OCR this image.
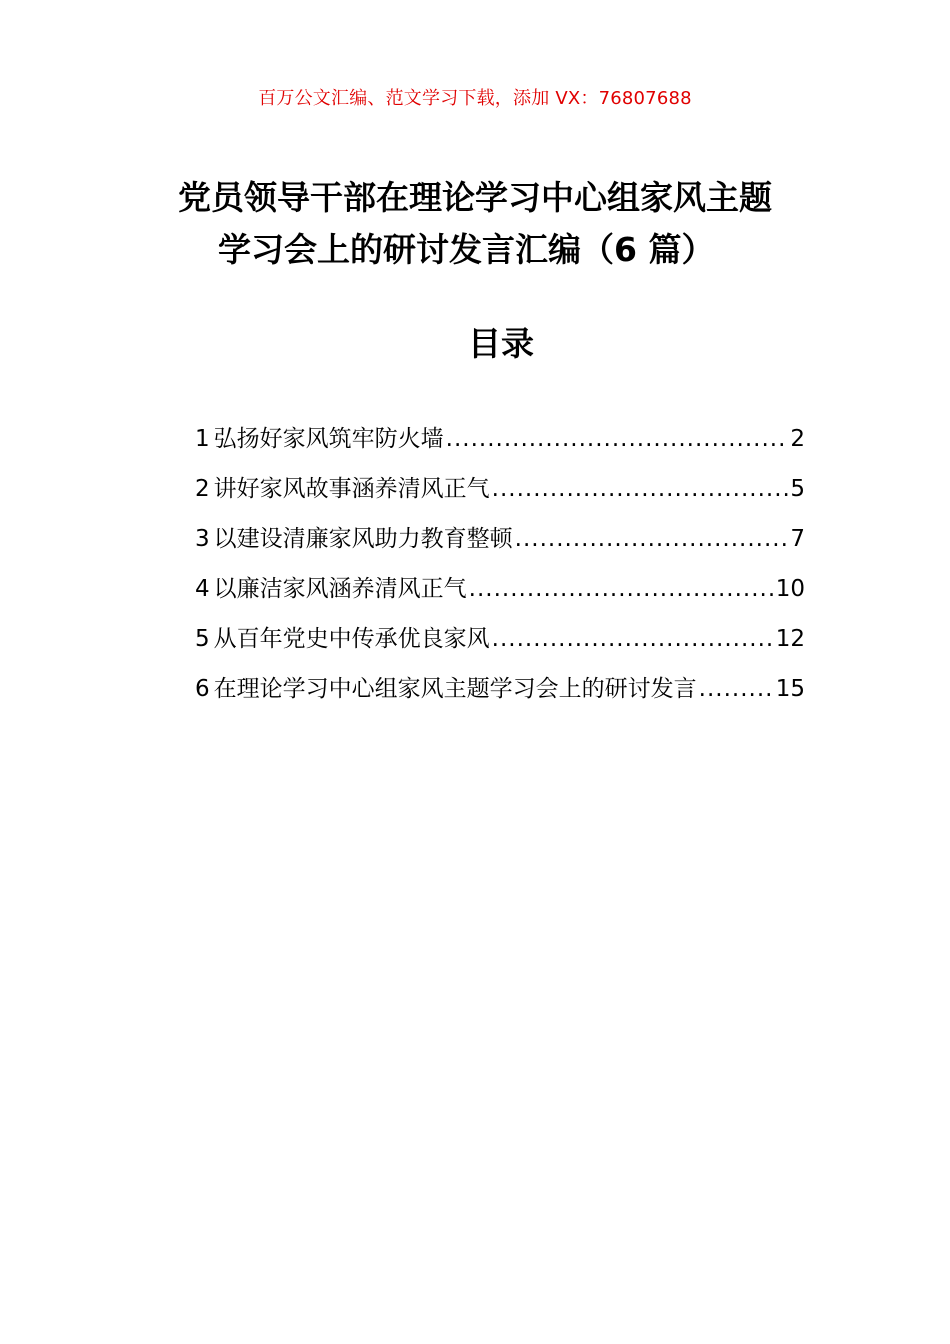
百万公文汇编、范文学习下载，添加 VX：76807688
党员领导干部在理论学习中心组家风主题
学习会上的研讨发言汇编（6 篇）
目录
1 弘扬好家风筑牢防火墙 .....	2
2 讲好家风故事涵养清风正气 .....	5
3 以建设清廉家风助力教育整顿 .....	7
4 以廉洁家风涵养清风正气 .....	10
5 从百年党史中传承优良家风 .....	12
6 在理论学习中心组家风主题学习会上的研讨发言 .....	15
